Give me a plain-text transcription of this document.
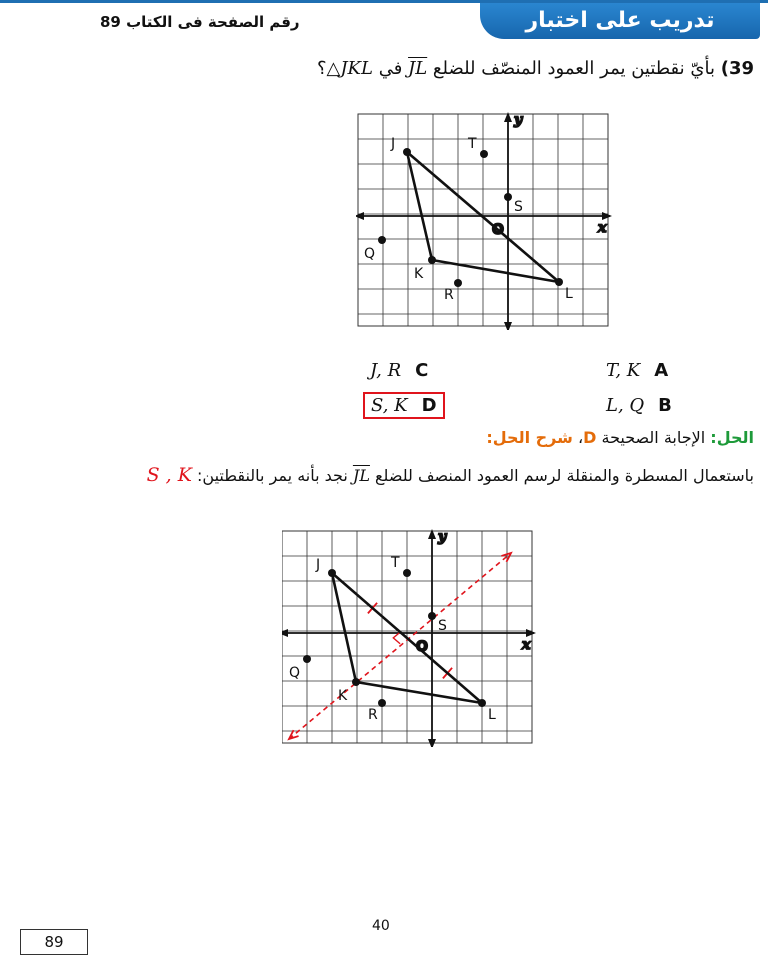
رقم الصفحة فى الكتاب 89	تدريب على اختبار
39) بأيّ نقطتين يمر العمود المنصّف للضلع $\overline{JL}$ في △JKL؟
x
y
O
J	T
S
Q
K
R	L
T, K A
J, R C
L, Q B
S, K D
الحل: الإجابة الصحيحة D، شرح الحل:
باستعمال المسطرة والمنقلة لرسم العمود المنصف للضلع $\overline{JL}$ نجد بأنه يمر بالنقطتين: S , K
x
y
O
J	T
S
Q
K
R	L
40
89
